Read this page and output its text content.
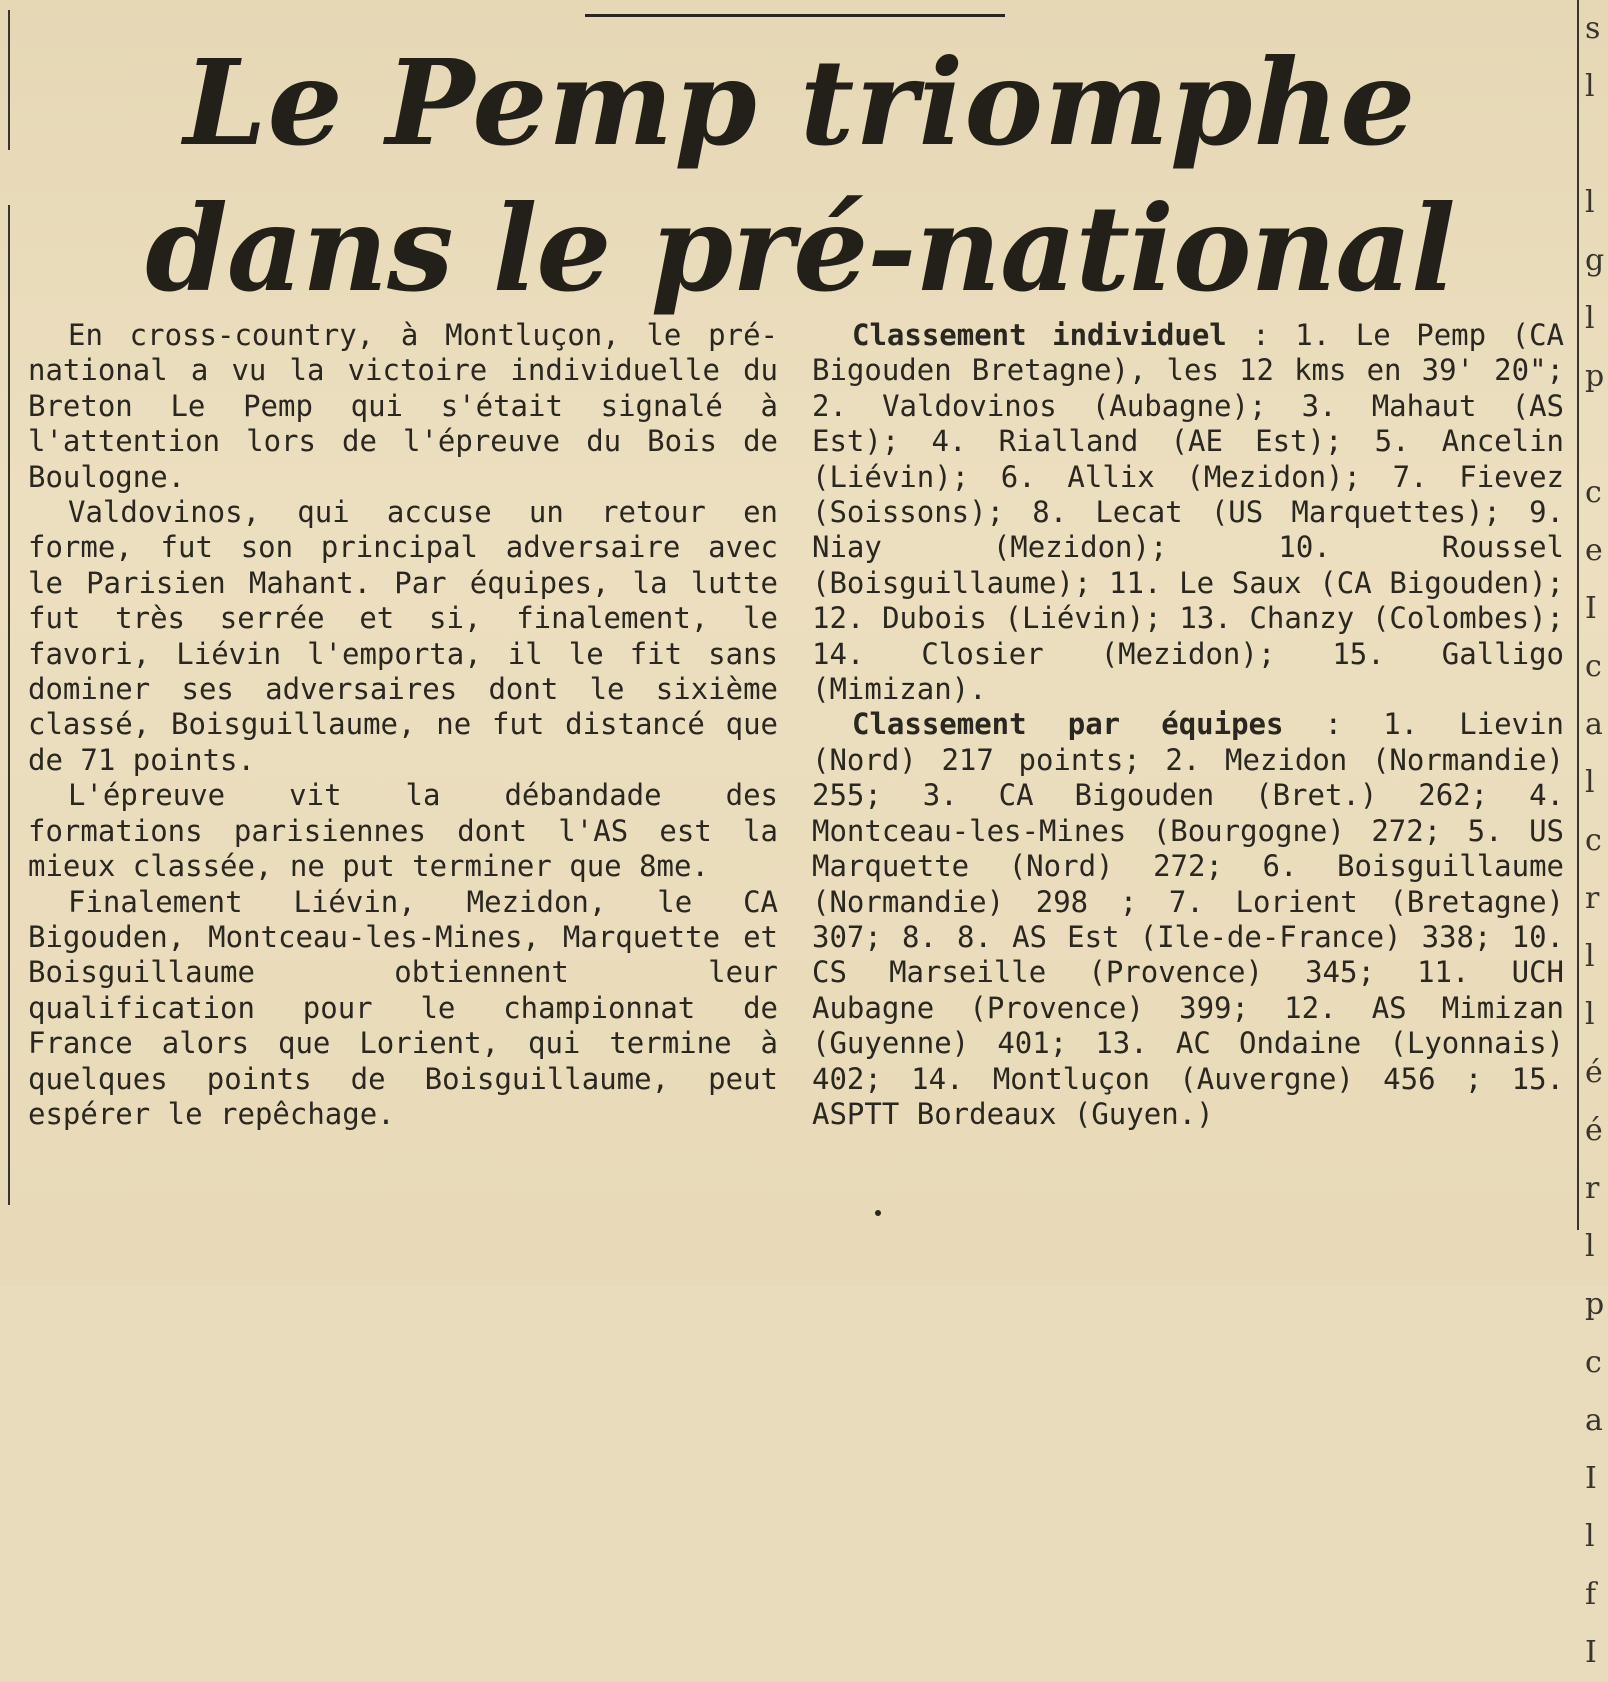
Le Pemp triomphe
dans le pré-national

En cross-country, à Montluçon, le pré-national a vu la victoire individuelle du Breton Le Pemp qui s'était signalé à l'attention lors de l'épreuve du Bois de Boulogne.

Valdovinos, qui accuse un retour en forme, fut son principal adversaire avec le Parisien Mahant. Par équipes, la lutte fut très serrée et si, finalement, le favori, Liévin l'emporta, il le fit sans dominer ses adversaires dont le sixième classé, Boisguillaume, ne fut distancé que de 71 points.

L'épreuve vit la débandade des formations parisiennes dont l'AS est la mieux classée, ne put terminer que 8me.

Finalement Liévin, Mezidon, le CA Bigouden, Montceau-les-Mines, Marquette et Boisguillaume obtiennent leur qualification pour le championnat de France alors que Lorient, qui termine à quelques points de Boisguillaume, peut espérer le repêchage.

Classement individuel : 1. Le Pemp (CA Bigouden Bretagne), les 12 kms en 39' 20"; 2. Valdovinos (Aubagne); 3. Mahaut (AS Est); 4. Rialland (AE Est); 5. Ancelin (Liévin); 6. Allix (Mezidon); 7. Fievez (Soissons); 8. Lecat (US Marquettes); 9. Niay (Mezidon); 10. Roussel (Boisguillaume); 11. Le Saux (CA Bigouden); 12. Dubois (Liévin); 13. Chanzy (Colombes); 14. Closier (Mezidon); 15. Galligo (Mimizan).

Classement par équipes : 1. Lievin (Nord) 217 points; 2. Mezidon (Normandie) 255; 3. CA Bigouden (Bret.) 262; 4. Montceau-les-Mines (Bourgogne) 272; 5. US Marquette (Nord) 272; 6. Boisguillaume (Normandie) 298 ; 7. Lorient (Bretagne) 307; 8. 8. AS Est (Ile-de-France) 338; 10. CS Marseille (Provence) 345; 11. UCH Aubagne (Provence) 399; 12. AS Mimizan (Guyenne) 401; 13. AC Ondaine (Lyonnais) 402; 14. Montluçon (Auvergne) 456 ; 15. ASPTT Bordeaux (Guyen.)

s
l

l
g
l
p

c
e
I
c
a
l
c
r
l
l
é
é
r
l
p
c
a
I
l
f
I
